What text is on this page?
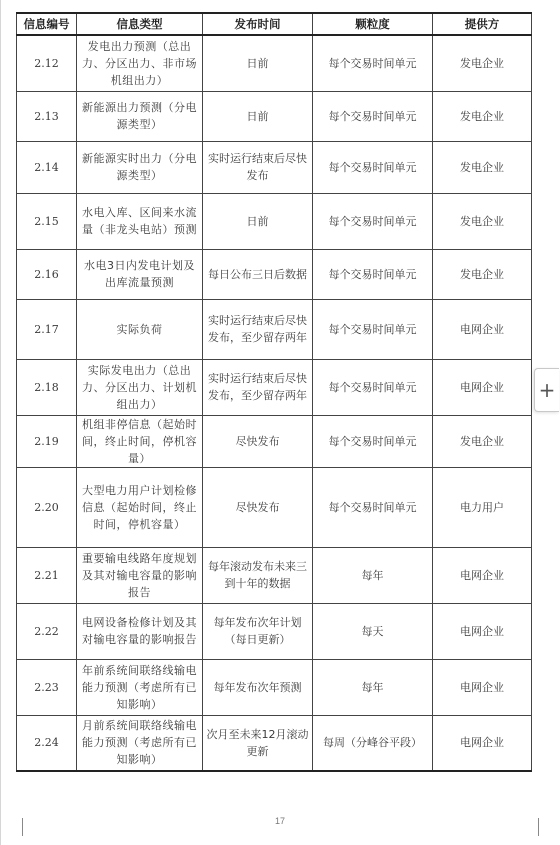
信息编号	信息类型	发布时间	颗粒度	提供方
2.12	发电出力预测（总出力、分区出力、非市场机组出力）	日前	每个交易时间单元	发电企业
2.13	新能源出力预测（分电源类型）	日前	每个交易时间单元	发电企业
2.14	新能源实时出力（分电源类型）	实时运行结束后尽快发布	每个交易时间单元	发电企业
2.15	水电入库、区间来水流量（非龙头电站）预测	日前	每个交易时间单元	发电企业
2.16	水电3日内发电计划及出库流量预测	每日公布三日后数据	每个交易时间单元	发电企业
2.17	实际负荷	实时运行结束后尽快发布，至少留存两年	每个交易时间单元	电网企业
2.18	实际发电出力（总出力、分区出力、计划机组出力）	实时运行结束后尽快发布，至少留存两年	每个交易时间单元	电网企业
2.19	机组非停信息（起始时间，终止时间，停机容量）	尽快发布	每个交易时间单元	发电企业
2.20	大型电力用户计划检修信息（起始时间，终止时间，停机容量）	尽快发布	每个交易时间单元	电力用户
2.21	重要输电线路年度规划及其对输电容量的影响报告	每年滚动发布未来三到十年的数据	每年	电网企业
2.22	电网设备检修计划及其对输电容量的影响报告	每年发布次年计划（每日更新）	每天	电网企业
2.23	年前系统间联络线输电能力预测（考虑所有已知影响）	每年发布次年预测	每年	电网企业
2.24	月前系统间联络线输电能力预测（考虑所有已知影响）	次月至未来12月滚动更新	每周（分峰谷平段）	电网企业
17
+
